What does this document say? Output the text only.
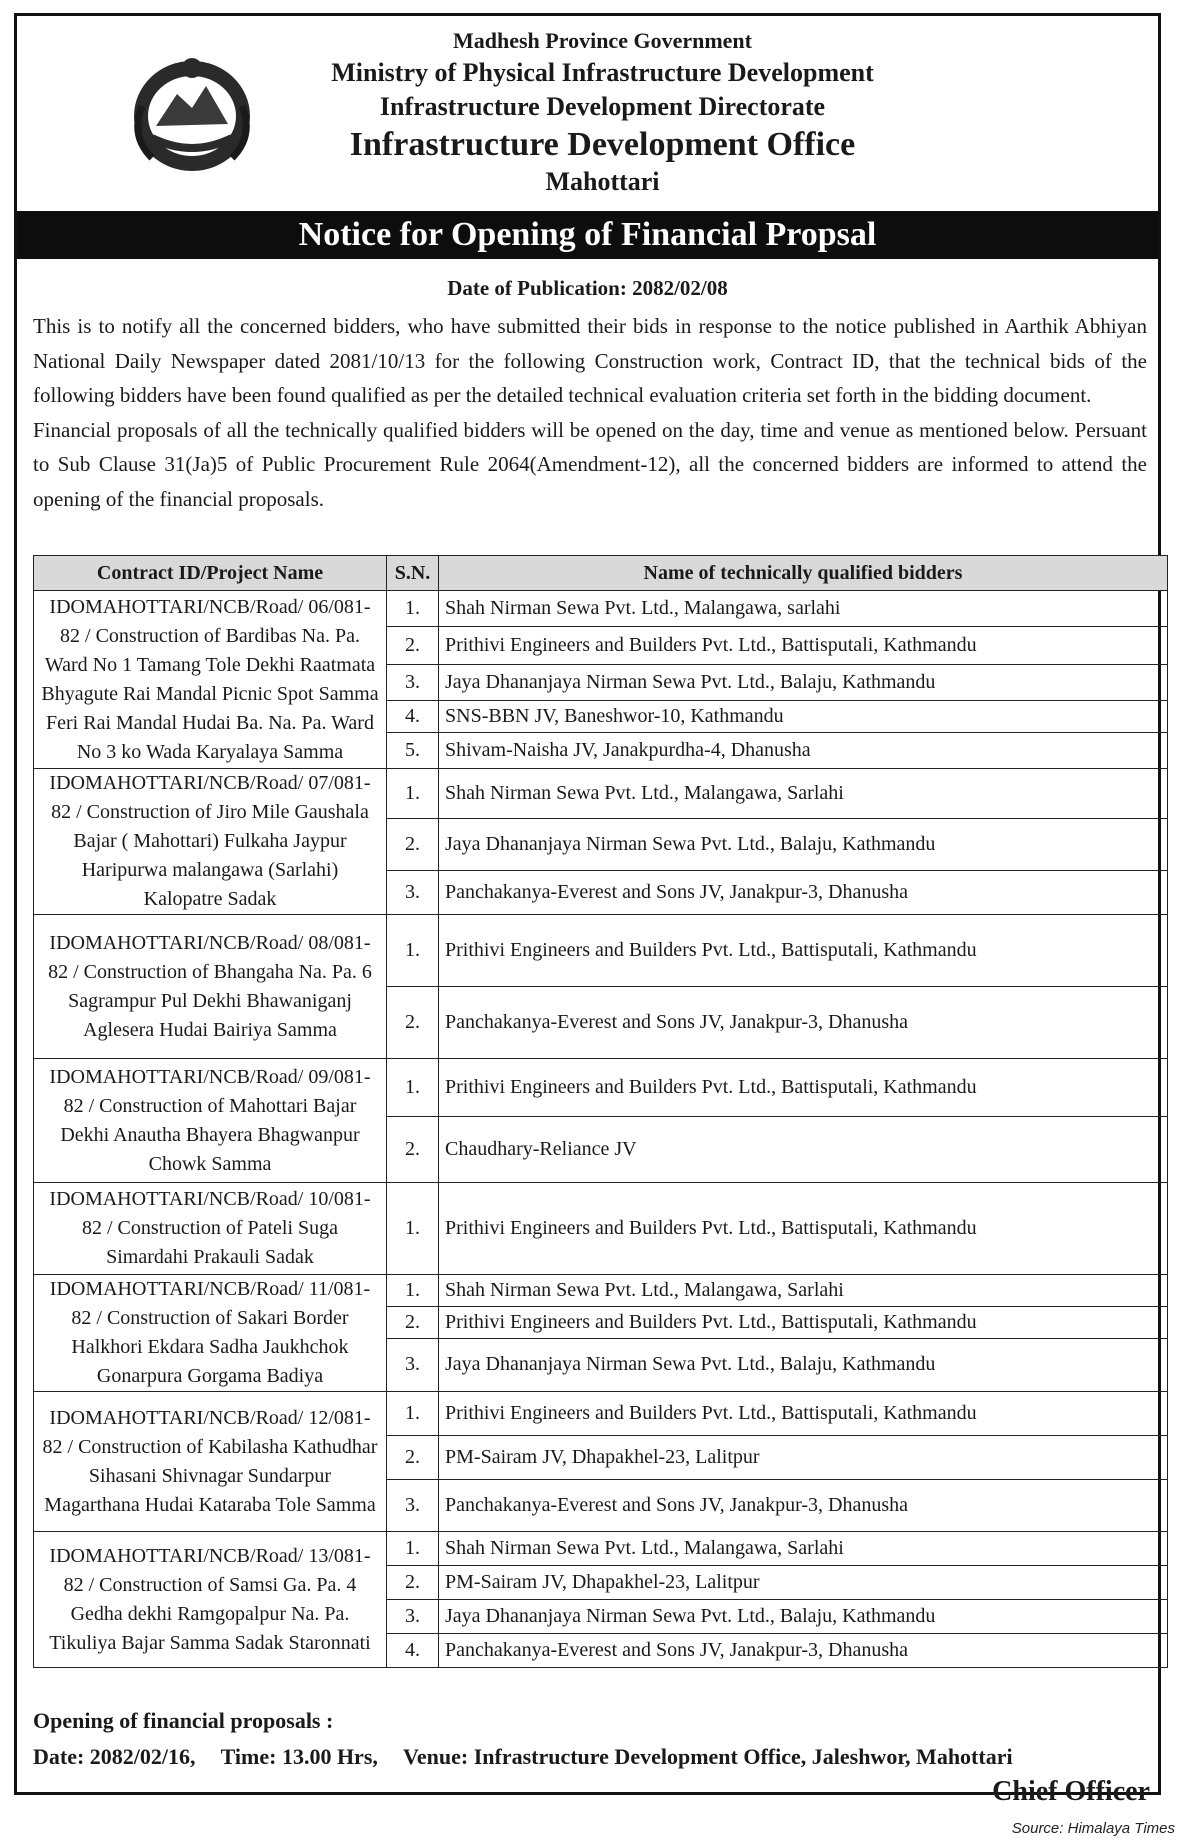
Madhesh Province Government
Ministry of Physical Infrastructure Development
Infrastructure Development Directorate
Infrastructure Development Office
Mahottari
Notice for Opening of Financial Propsal
Date of Publication: 2082/02/08

This is to notify all the concerned bidders, who have submitted their bids in response to the notice published in Aarthik Abhiyan National Daily Newspaper dated 2081/10/13 for the following Construction work, Contract ID, that the technical bids of the following bidders have been found qualified as per the detailed technical evaluation criteria set forth in the bidding document.

Financial proposals of all the technically qualified bidders will be opened on the day, time and venue as mentioned below. Persuant to Sub Clause 31(Ja)5 of Public Procurement Rule 2064(Amendment-12), all the concerned bidders are informed to attend the opening of the financial proposals.

Contract ID/Project Name	S.N.	Name of technically qualified bidders
IDOMAHOTTARI/NCB/Road/ 06/081-82 / Construction of Bardibas Na. Pa. Ward No 1 Tamang Tole Dekhi Raatmata Bhyagute Rai Mandal Picnic Spot Samma Feri Rai Mandal Hudai Ba. Na. Pa. Ward No 3 ko Wada Karyalaya Samma	1.	Shah Nirman Sewa Pvt. Ltd., Malangawa, sarlahi
	2.	Prithivi Engineers and Builders Pvt. Ltd., Battisputali, Kathmandu
	3.	Jaya Dhananjaya Nirman Sewa Pvt. Ltd., Balaju, Kathmandu
	4.	SNS-BBN JV, Baneshwor-10, Kathmandu
	5.	Shivam-Naisha JV, Janakpurdha-4, Dhanusha
IDOMAHOTTARI/NCB/Road/ 07/081-82 / Construction of Jiro Mile Gaushala Bajar ( Mahottari) Fulkaha Jaypur Haripurwa malangawa (Sarlahi) Kalopatre Sadak	1.	Shah Nirman Sewa Pvt. Ltd., Malangawa, Sarlahi
	2.	Jaya Dhananjaya Nirman Sewa Pvt. Ltd., Balaju, Kathmandu
	3.	Panchakanya-Everest and Sons JV, Janakpur-3, Dhanusha
IDOMAHOTTARI/NCB/Road/ 08/081-82 / Construction of Bhangaha Na. Pa. 6 Sagrampur Pul Dekhi Bhawaniganj Aglesera Hudai Bairiya Samma	1.	Prithivi Engineers and Builders Pvt. Ltd., Battisputali, Kathmandu
	2.	Panchakanya-Everest and Sons JV, Janakpur-3, Dhanusha
IDOMAHOTTARI/NCB/Road/ 09/081-82 / Construction of Mahottari Bajar Dekhi Anautha Bhayera Bhagwanpur Chowk Samma	1.	Prithivi Engineers and Builders Pvt. Ltd., Battisputali, Kathmandu
	2.	Chaudhary-Reliance JV
IDOMAHOTTARI/NCB/Road/ 10/081-82 / Construction of Pateli Suga Simardahi Prakauli Sadak	1.	Prithivi Engineers and Builders Pvt. Ltd., Battisputali, Kathmandu
IDOMAHOTTARI/NCB/Road/ 11/081-82 / Construction of Sakari Border Halkhori Ekdara Sadha Jaukhchok Gonarpura Gorgama Badiya	1.	Shah Nirman Sewa Pvt. Ltd., Malangawa, Sarlahi
	2.	Prithivi Engineers and Builders Pvt. Ltd., Battisputali, Kathmandu
	3.	Jaya Dhananjaya Nirman Sewa Pvt. Ltd., Balaju, Kathmandu
IDOMAHOTTARI/NCB/Road/ 12/081-82 / Construction of Kabilasha Kathudhar Sihasani Shivnagar Sundarpur Magarthana Hudai Kataraba Tole Samma	1.	Prithivi Engineers and Builders Pvt. Ltd., Battisputali, Kathmandu
	2.	PM-Sairam JV, Dhapakhel-23, Lalitpur
	3.	Panchakanya-Everest and Sons JV, Janakpur-3, Dhanusha
IDOMAHOTTARI/NCB/Road/ 13/081-82 / Construction of Samsi Ga. Pa. 4 Gedha dekhi Ramgopalpur Na. Pa. Tikuliya Bajar Samma Sadak Staronnati	1.	Shah Nirman Sewa Pvt. Ltd., Malangawa, Sarlahi
	2.	PM-Sairam JV, Dhapakhel-23, Lalitpur
	3.	Jaya Dhananjaya Nirman Sewa Pvt. Ltd., Balaju, Kathmandu
	4.	Panchakanya-Everest and Sons JV, Janakpur-3, Dhanusha
Opening of financial proposals :
Date: 2082/02/16, Time: 13.00 Hrs, Venue: Infrastructure Development Office, Jaleshwor, Mahottari
Chief Officer
Source: Himalaya Times
